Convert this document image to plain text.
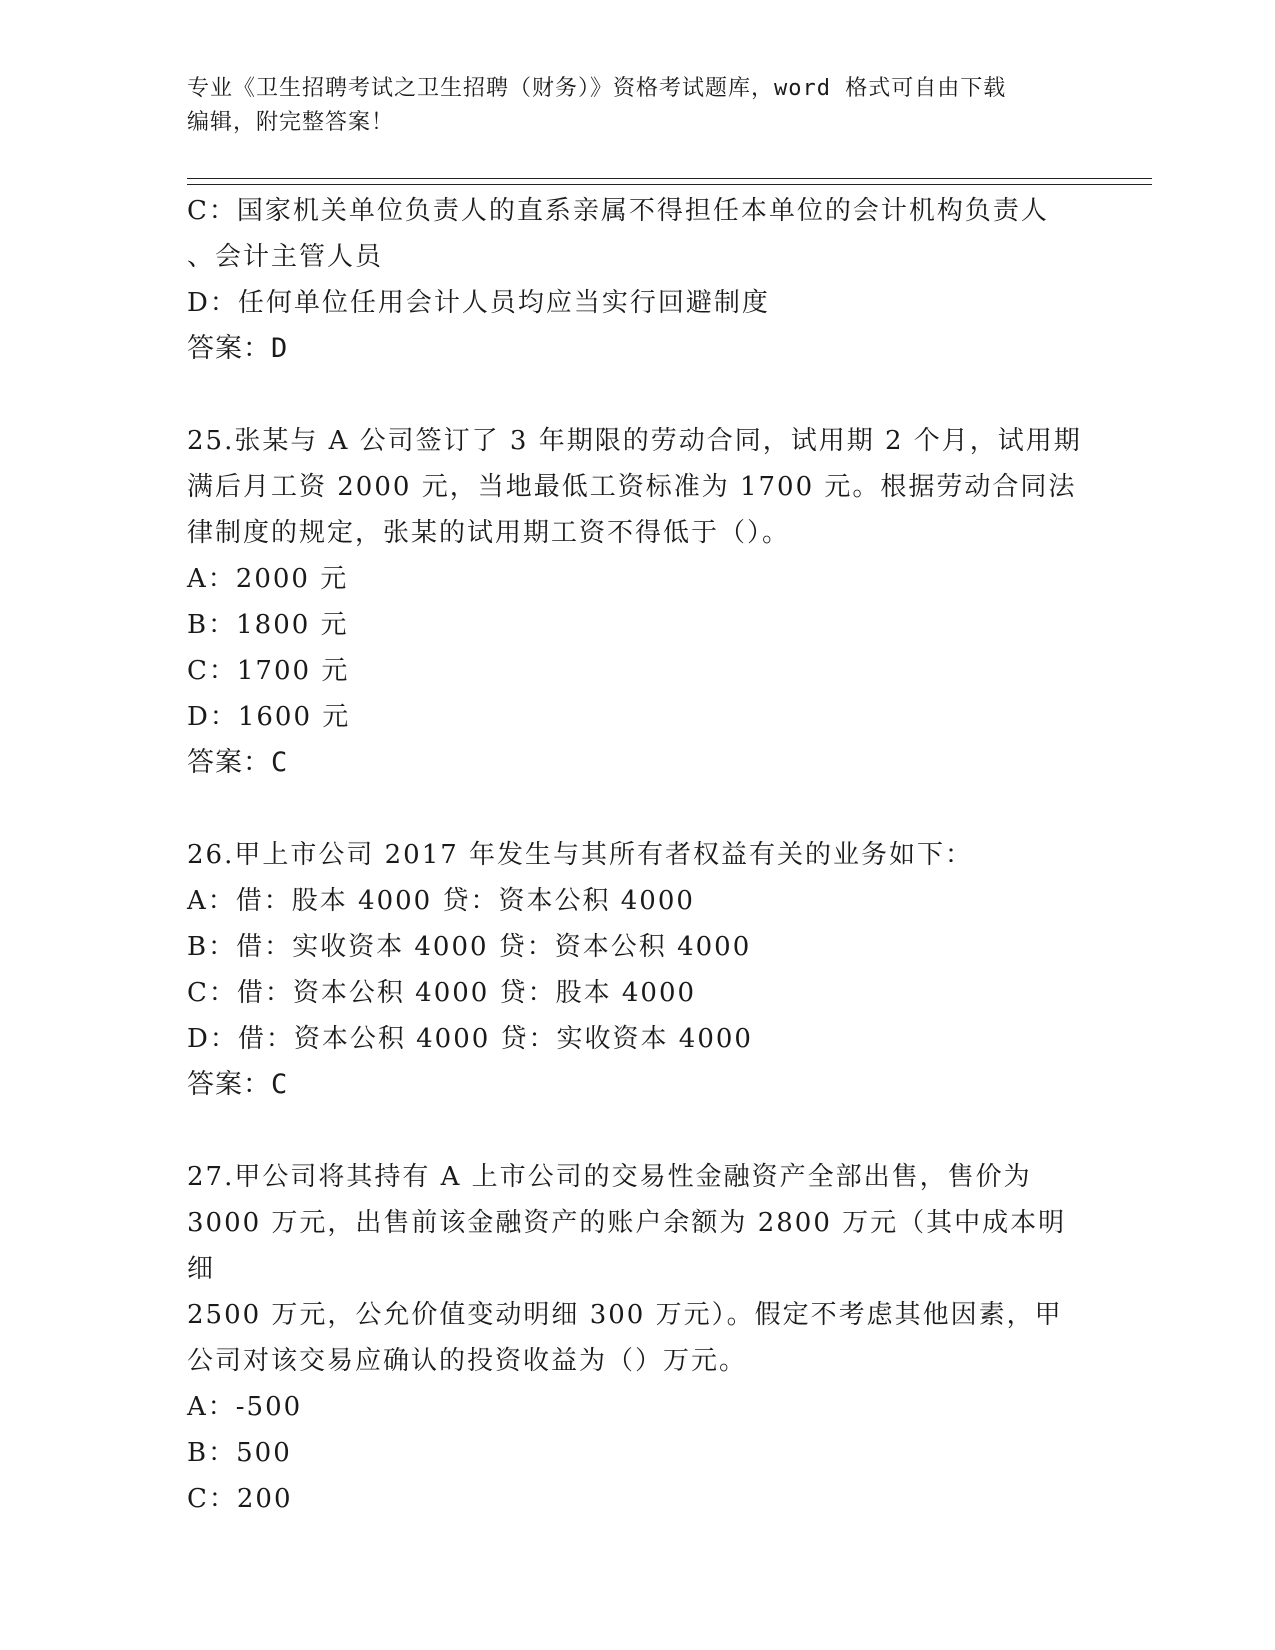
专业《卫生招聘考试之卫生招聘（财务）》资格考试题库，word 格式可自由下载
编辑，附完整答案！

C：国家机关单位负责人的直系亲属不得担任本单位的会计机构负责人

、会计主管人员

D：任何单位任用会计人员均应当实行回避制度

答案：D

25.张某与 A 公司签订了 3 年期限的劳动合同，试用期 2 个月，试用期

满后月工资 2000 元，当地最低工资标准为 1700 元。根据劳动合同法

律制度的规定，张某的试用期工资不得低于（）。

A：2000 元

B：1800 元

C：1700 元

D：1600 元

答案：C

26.甲上市公司 2017 年发生与其所有者权益有关的业务如下：

A：借：股本 4000 贷：资本公积 4000

B：借：实收资本 4000 贷：资本公积 4000

C：借：资本公积 4000 贷：股本 4000

D：借：资本公积 4000 贷：实收资本 4000

答案：C

27.甲公司将其持有 A 上市公司的交易性金融资产全部出售，售价为

3000 万元，出售前该金融资产的账户余额为 2800 万元（其中成本明细

2500 万元，公允价值变动明细 300 万元）。假定不考虑其他因素，甲

公司对该交易应确认的投资收益为（）万元。

A：-500

B：500

C：200
